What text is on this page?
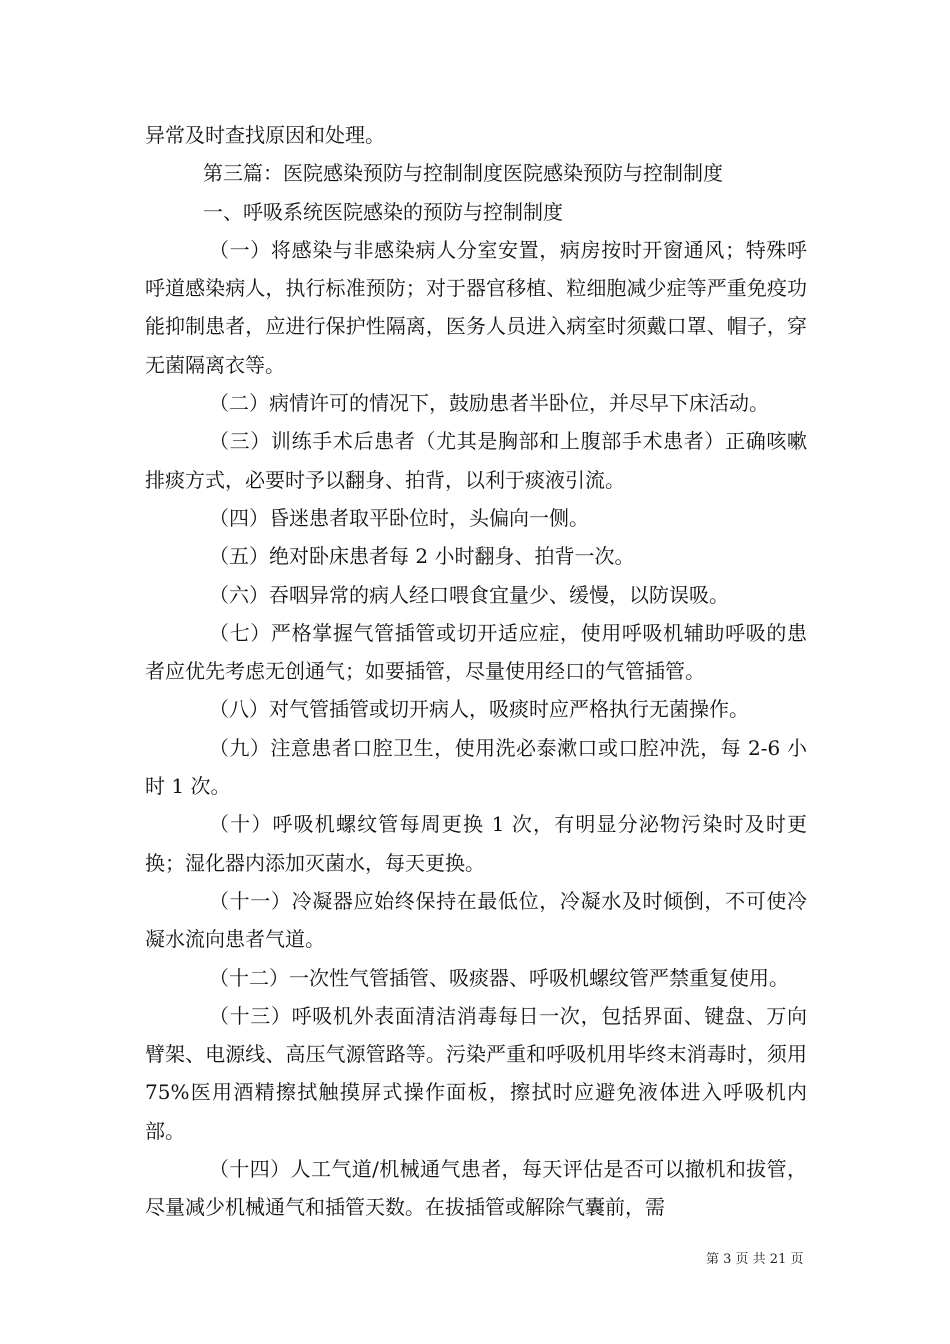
异常及时查找原因和处理。

第三篇：医院感染预防与控制制度医院感染预防与控制制度

一、呼吸系统医院感染的预防与控制制度

（一）将感染与非感染病人分室安置，病房按时开窗通风；特殊呼呼道感染病人，执行标准预防；对于器官移植、粒细胞减少症等严重免疫功能抑制患者，应进行保护性隔离，医务人员进入病室时须戴口罩、帽子，穿无菌隔离衣等。

（二）病情许可的情况下，鼓励患者半卧位，并尽早下床活动。

（三）训练手术后患者（尤其是胸部和上腹部手术患者）正确咳嗽排痰方式，必要时予以翻身、拍背，以利于痰液引流。

（四）昏迷患者取平卧位时，头偏向一侧。

（五）绝对卧床患者每 2 小时翻身、拍背一次。

（六）吞咽异常的病人经口喂食宜量少、缓慢，以防误吸。

（七）严格掌握气管插管或切开适应症，使用呼吸机辅助呼吸的患者应优先考虑无创通气；如要插管，尽量使用经口的气管插管。

（八）对气管插管或切开病人，吸痰时应严格执行无菌操作。

（九）注意患者口腔卫生，使用洗必泰漱口或口腔冲洗，每 2-6 小时 1 次。

（十）呼吸机螺纹管每周更换 1 次，有明显分泌物污染时及时更换；湿化器内添加灭菌水，每天更换。

（十一）冷凝器应始终保持在最低位，冷凝水及时倾倒，不可使冷凝水流向患者气道。

（十二）一次性气管插管、吸痰器、呼吸机螺纹管严禁重复使用。

（十三）呼吸机外表面清洁消毒每日一次，包括界面、键盘、万向臂架、电源线、高压气源管路等。污染严重和呼吸机用毕终末消毒时，须用 75%医用酒精擦拭触摸屏式操作面板，擦拭时应避免液体进入呼吸机内部。

（十四）人工气道/机械通气患者，每天评估是否可以撤机和拔管，尽量减少机械通气和插管天数。在拔插管或解除气囊前，需

第 3 页 共 21 页
